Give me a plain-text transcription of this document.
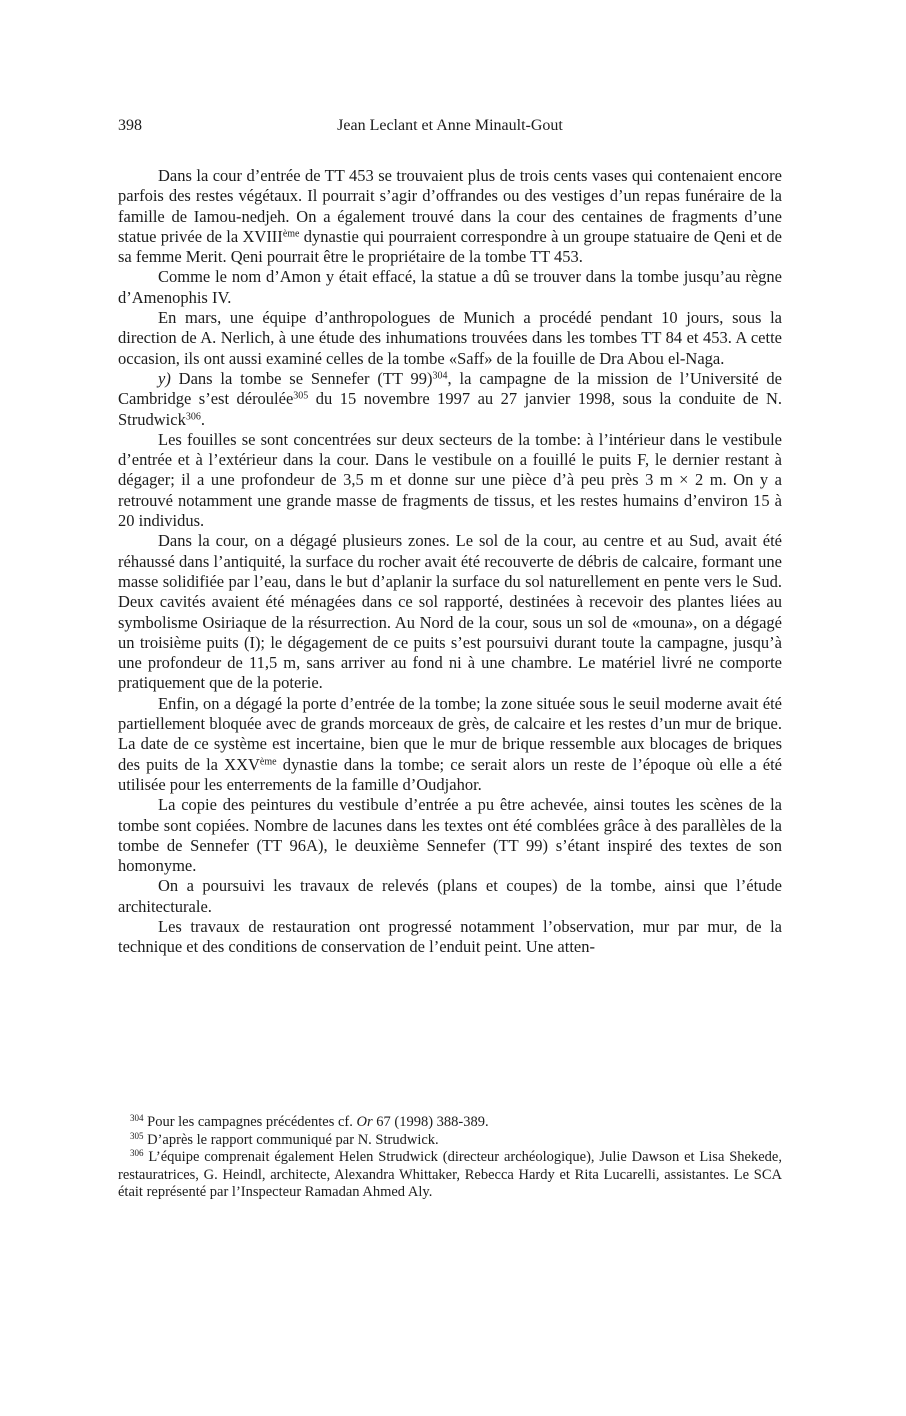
398	Jean Leclant et Anne Minault-Gout

Dans la cour d’entrée de TT 453 se trouvaient plus de trois cents vases qui contenaient encore parfois des restes végétaux. Il pourrait s’agir d’offrandes ou des vestiges d’un repas funéraire de la famille de Iamou-nedjeh. On a également trouvé dans la cour des centaines de fragments d’une statue privée de la XVIIIème dynastie qui pourraient correspondre à un groupe statuaire de Qeni et de sa femme Merit. Qeni pourrait être le propriétaire de la tombe TT 453.

Comme le nom d’Amon y était effacé, la statue a dû se trouver dans la tombe jusqu’au règne d’Amenophis IV.

En mars, une équipe d’anthropologues de Munich a procédé pendant 10 jours, sous la direction de A. Nerlich, à une étude des inhumations trouvées dans les tombes TT 84 et 453. A cette occasion, ils ont aussi examiné celles de la tombe «Saff» de la fouille de Dra Abou el-Naga.

y) Dans la tombe se Sennefer (TT 99)$^{304}$, la campagne de la mission de l’Université de Cambridge s’est déroulée$^{305}$ du 15 novembre 1997 au 27 janvier 1998, sous la conduite de N. Strudwick$^{306}$.

Les fouilles se sont concentrées sur deux secteurs de la tombe: à l’intérieur dans le vestibule d’entrée et à l’extérieur dans la cour. Dans le vestibule on a fouillé le puits F, le dernier restant à dégager; il a une profondeur de 3,5 m et donne sur une pièce d’à peu près 3 m × 2 m. On y a retrouvé notamment une grande masse de fragments de tissus, et les restes humains d’environ 15 à 20 individus.

Dans la cour, on a dégagé plusieurs zones. Le sol de la cour, au centre et au Sud, avait été réhaussé dans l’antiquité, la surface du rocher avait été recouverte de débris de calcaire, formant une masse solidifiée par l’eau, dans le but d’aplanir la surface du sol naturellement en pente vers le Sud. Deux cavités avaient été ménagées dans ce sol rapporté, destinées à recevoir des plantes liées au symbolisme Osiriaque de la résurrection. Au Nord de la cour, sous un sol de «mouna», on a dégagé un troisième puits (I); le dégagement de ce puits s’est poursuivi durant toute la campagne, jusqu’à une profondeur de 11,5 m, sans arriver au fond ni à une chambre. Le matériel livré ne comporte pratiquement que de la poterie.

Enfin, on a dégagé la porte d’entrée de la tombe; la zone située sous le seuil moderne avait été partiellement bloquée avec de grands morceaux de grès, de calcaire et les restes d’un mur de brique. La date de ce système est incertaine, bien que le mur de brique ressemble aux blocages de briques des puits de la XXVème dynastie dans la tombe; ce serait alors un reste de l’époque où elle a été utilisée pour les enterrements de la famille d’Oudjahor.

La copie des peintures du vestibule d’entrée a pu être achevée, ainsi toutes les scènes de la tombe sont copiées. Nombre de lacunes dans les textes ont été comblées grâce à des parallèles de la tombe de Sennefer (TT 96A), le deuxième Sennefer (TT 99) s’étant inspiré des textes de son homonyme.

On a poursuivi les travaux de relevés (plans et coupes) de la tombe, ainsi que l’étude architecturale.

Les travaux de restauration ont progressé notamment l’observation, mur par mur, de la technique et des conditions de conservation de l’enduit peint. Une atten-

$^{304}$ Pour les campagnes précédentes cf. Or 67 (1998) 388-389.

$^{305}$ D’après le rapport communiqué par N. Strudwick.

$^{306}$ L’équipe comprenait également Helen Strudwick (directeur archéologique), Julie Dawson et Lisa Shekede, restauratrices, G. Heindl, architecte, Alexandra Whittaker, Rebecca Hardy et Rita Lucarelli, assistantes. Le SCA était représenté par l’Inspecteur Ramadan Ahmed Aly.
